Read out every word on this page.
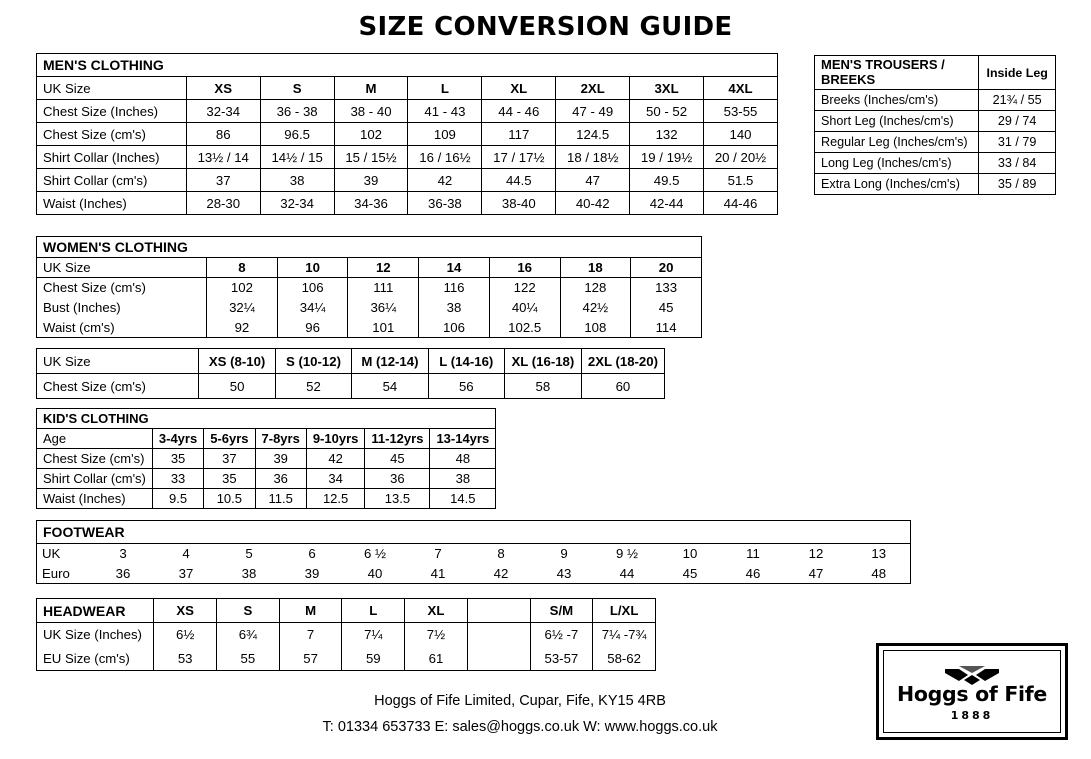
SIZE CONVERSION GUIDE
MEN'S CLOTHING								
UK Size	XS	S	M	L	XL	2XL	3XL	4XL
Chest Size (Inches)	32-34	36 - 38	38 - 40	41 - 43	44 - 46	47 - 49	50 - 52	53-55
Chest Size (cm's)	86	96.5	102	109	117	124.5	132	140
Shirt Collar (Inches)	13½ / 14	14½ / 15	15 / 15½	16 / 16½	17 / 17½	18 / 18½	19 / 19½	20 / 20½
Shirt Collar (cm's)	37	38	39	42	44.5	47	49.5	51.5
Waist (Inches)	28-30	32-34	34-36	36-38	38-40	40-42	42-44	44-46
MEN'S TROUSERS / BREEKS	Inside Leg
Breeks (Inches/cm's)	21¾ / 55
Short Leg (Inches/cm's)	29 / 74
Regular Leg (Inches/cm's)	31 / 79
Long Leg (Inches/cm's)	33 / 84
Extra Long (Inches/cm's)	35 / 89
WOMEN'S CLOTHING							
UK Size	8	10	12	14	16	18	20
Chest Size (cm's)	102	106	111	116	122	128	133
Bust (Inches)	32¼	34¼	36¼	38	40¼	42½	45
Waist (cm's)	92	96	101	106	102.5	108	114
UK Size	XS (8-10)	S (10-12)	M (12-14)	L (14-16)	XL (16-18)	2XL (18-20)
Chest Size (cm's)	50	52	54	56	58	60
KID'S CLOTHING						
Age	3-4yrs	5-6yrs	7-8yrs	9-10yrs	11-12yrs	13-14yrs
Chest Size (cm's)	35	37	39	42	45	48
Shirt Collar (cm's)	33	35	36	34	36	38
Waist (Inches)	9.5	10.5	11.5	12.5	13.5	14.5
FOOTWEAR													
UK	3	4	5	6	6 ½	7	8	9	9 ½	10	11	12	13
Euro	36	37	38	39	40	41	42	43	44	45	46	47	48
HEADWEAR	XS	S	M	L	XL		S/M	L/XL
UK Size (Inches)	6½	6¾	7	7¼	7½		6½ -7	7¼ -7¾
EU Size (cm's)	53	55	57	59	61		53-57	58-62
Hoggs of Fife Limited, Cupar, Fife, KY15 4RB
T: 01334 653733 E: sales@hoggs.co.uk W: www.hoggs.co.uk
Hoggs of Fife
1888
